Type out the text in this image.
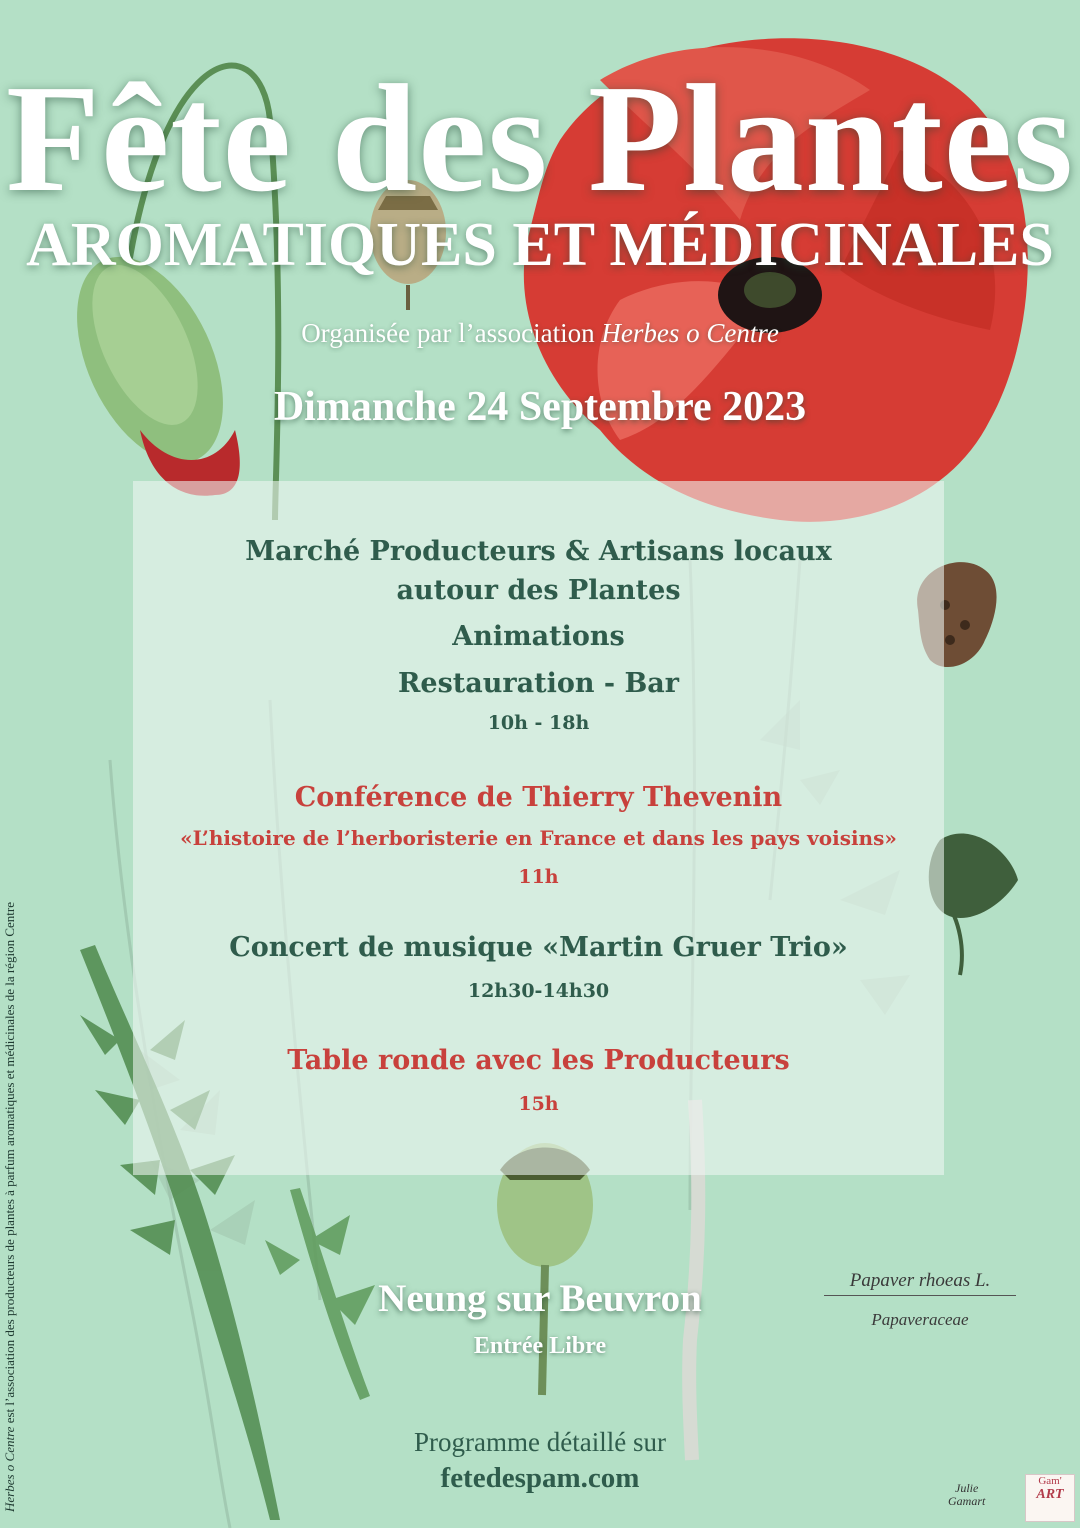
Fête des Plantes
AROMATIQUES ET MÉDICINALES

Organisée par l’association Herbes o Centre

Dimanche 24 Septembre 2023

Marché Producteurs & Artisans locaux

autour des Plantes

Animations

Restauration - Bar

10h - 18h

Conférence de Thierry Thevenin

«L’histoire de l’herboristerie en France et dans les pays voisins»

11h

Concert de musique «Martin Gruer Trio»

12h30-14h30

Table ronde avec les Producteurs

15h

Neung sur Beuvron
Entrée Libre
Programme détaillé sur
fetedespam.com
Herbes o Centre est l’association des producteurs de plantes à parfum aromatiques et médicinales de la région Centre	Papaver rhoeas L.
Papaveraceae
Julie
Gamart
Gam'
ART
